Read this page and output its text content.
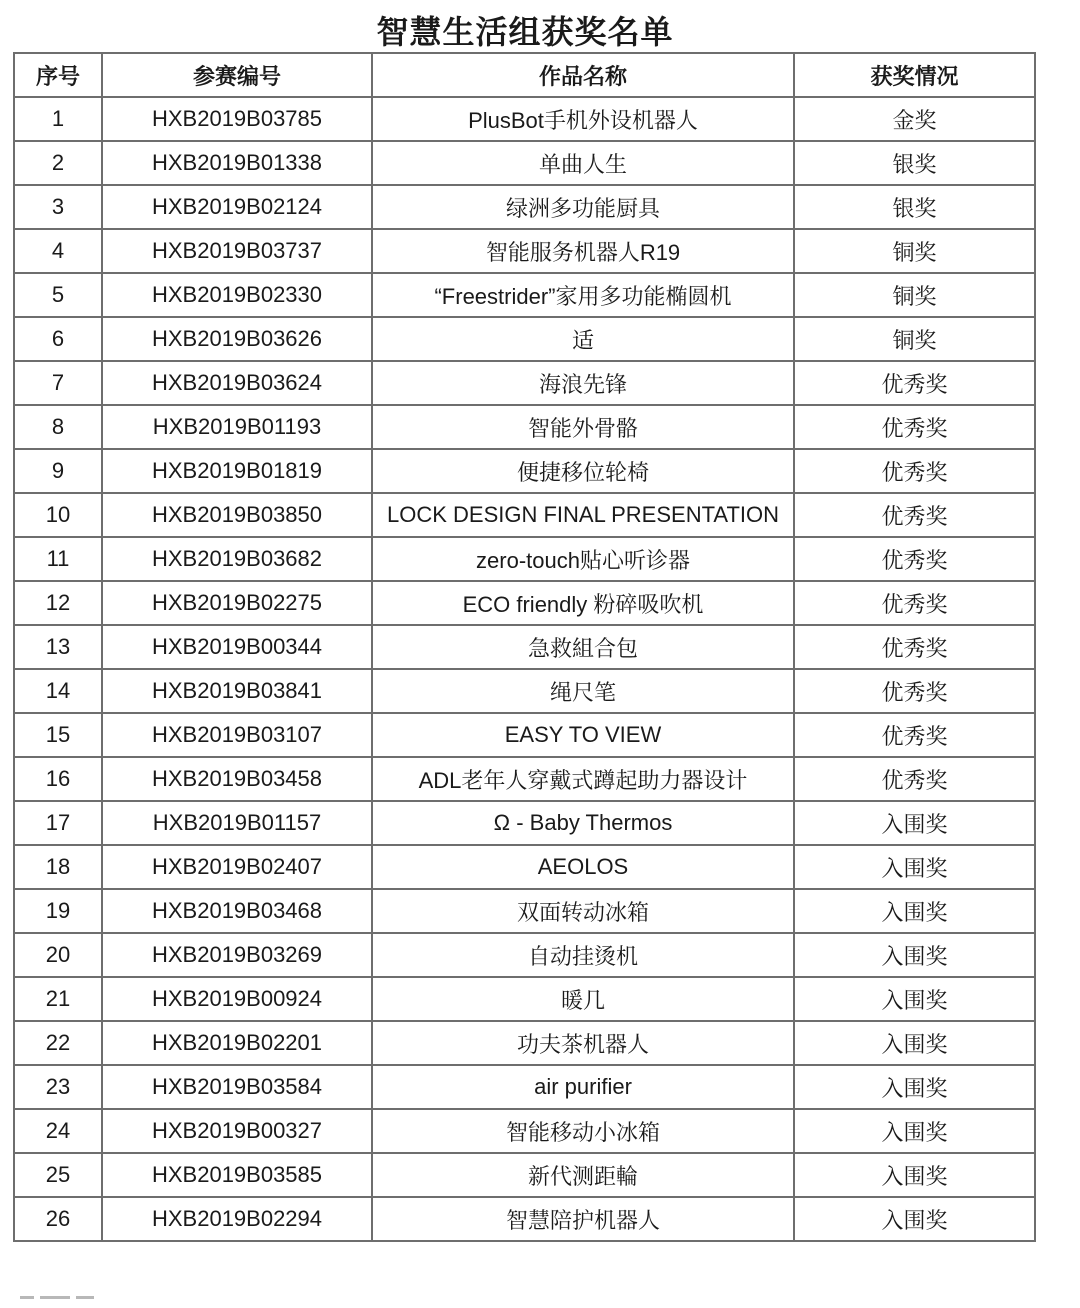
智慧生活组获奖名单
序号	参赛编号	作品名称	获奖情况
1	HXB2019B03785	PlusBot手机外设机器人	金奖
2	HXB2019B01338	单曲人生	银奖
3	HXB2019B02124	绿洲多功能厨具	银奖
4	HXB2019B03737	智能服务机器人R19	铜奖
5	HXB2019B02330	“Freestrider”家用多功能椭圆机	铜奖
6	HXB2019B03626	适	铜奖
7	HXB2019B03624	海浪先锋	优秀奖
8	HXB2019B01193	智能外骨骼	优秀奖
9	HXB2019B01819	便捷移位轮椅	优秀奖
10	HXB2019B03850	LOCK DESIGN FINAL PRESENTATION	优秀奖
11	HXB2019B03682	zero-touch贴心听诊器	优秀奖
12	HXB2019B02275	ECO friendly 粉碎吸吹机	优秀奖
13	HXB2019B00344	急救組合包	优秀奖
14	HXB2019B03841	绳尺笔	优秀奖
15	HXB2019B03107	EASY TO VIEW	优秀奖
16	HXB2019B03458	ADL老年人穿戴式蹲起助力器设计	优秀奖
17	HXB2019B01157	Ω - Baby Thermos	入围奖
18	HXB2019B02407	AEOLOS	入围奖
19	HXB2019B03468	双面转动冰箱	入围奖
20	HXB2019B03269	自动挂烫机	入围奖
21	HXB2019B00924	暖几	入围奖
22	HXB2019B02201	功夫茶机器人	入围奖
23	HXB2019B03584	air purifier	入围奖
24	HXB2019B00327	智能移动小冰箱	入围奖
25	HXB2019B03585	新代测距輪	入围奖
26	HXB2019B02294	智慧陪护机器人	入围奖
